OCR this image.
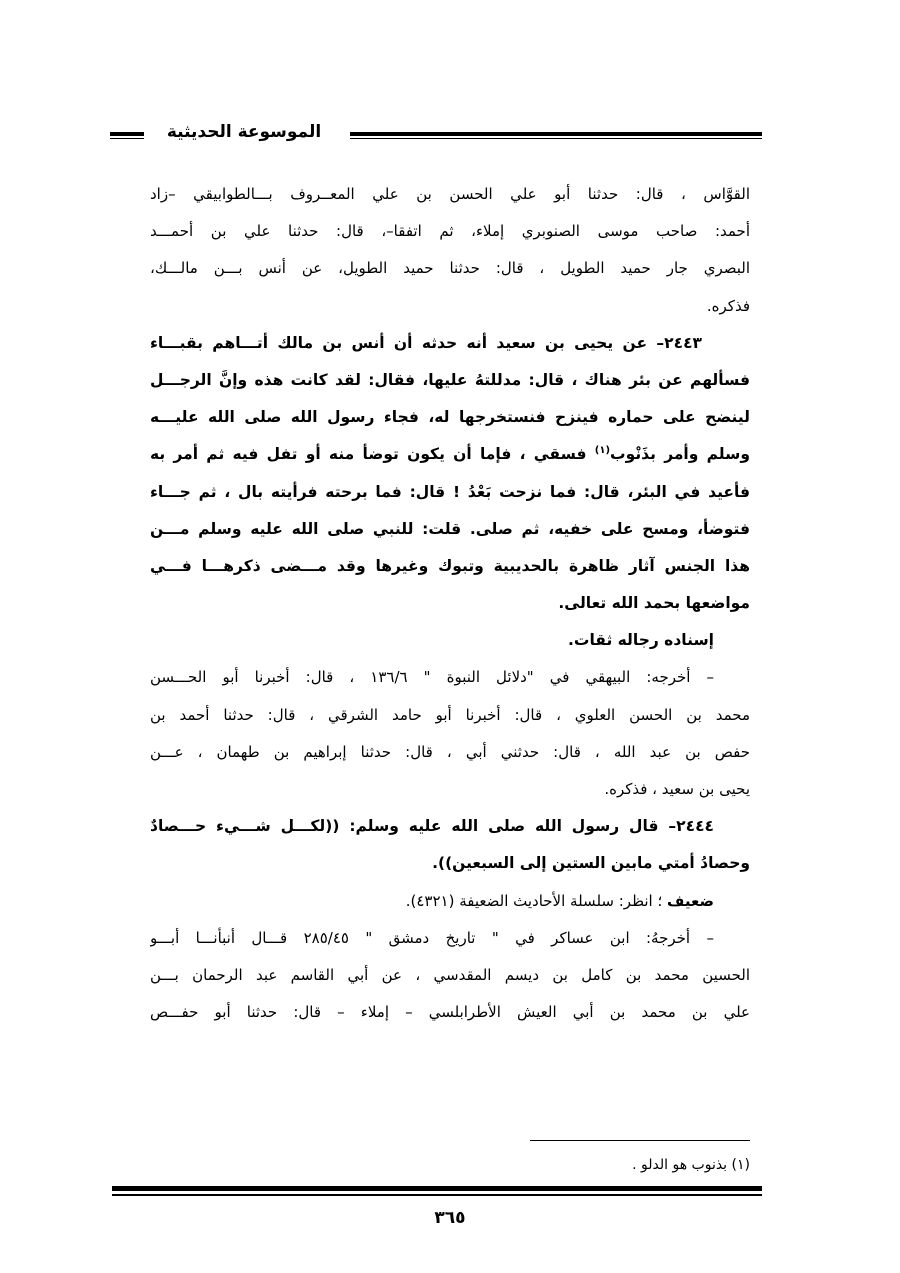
الموسوعة الحديثية
القوَّاس ، قال: حدثنا أبو علي الحسن بن علي المعــروف بـــالطوابيقي –زاد
أحمد: صاحب موسى الصنوبري إملاء، ثم اتفقا–، قال: حدثنا علي بن أحمـــد
البصري جار حميد الطويل ، قال: حدثنا حميد الطويل، عن أنس بـــن مالـــك،
فذكره.
٢٤٤٣– عن يحيى بن سعيد أنه حدثه أن أنس بن مالك أتـــاهم بقبـــاء
فسألهم عن بئر هناك ، قال: مدللتهُ عليها، فقال: لقد كانت هذه وإنَّ الرجـــل
لينضح على حماره فينزح فنستخرجها له، فجاء رسول الله صلى الله عليـــه
وسلم وأمر بذَنْوب$^{(١)}$ فسقي ، فإما أن يكون توضأ منه أو تفل فيه ثم أمر به
فأعيد في البئر، قال: فما نزحت بَعْدُ ! قال: فما برحته فرأيته بال ، ثم جـــاء
فتوضأ، ومسح على خفيه، ثم صلى. قلت: للنبي صلى الله عليه وسلم مـــن
هذا الجنس آثار ظاهرة بالحديبية وتبوك وغيرها وقد مـــضى ذكرهـــا فـــي
مواضعها بحمد الله تعالى.
إسناده رجاله ثقات.
– أخرجه: البيهقي في "دلائل النبوة " ١٣٦/٦ ، قال: أخبرنا أبو الحـــسن
محمد بن الحسن العلوي ، قال: أخبرنا أبو حامد الشرقي ، قال: حدثنا أحمد بن
حفص بن عبد الله ، قال: حدثني أبي ، قال: حدثنا إبراهيم بن طهمان ، عـــن
يحيى بن سعيد ، فذكره.
٢٤٤٤– قال رسول الله صلى الله عليه وسلم: ((لكـــل شـــيء حـــصادٌ
وحصادُ أمتي مابين الستين إلى السبعين)).
ضعيف ؛ انظر: سلسلة الأحاديث الضعيفة (٤٣٢١).
– أخرجهُ: ابن عساكر في " تاريخ دمشق " ٢٨٥/٤٥ قـــال أنبأنـــا أبـــو
الحسين محمد بن كامل بن ديسم المقدسي ، عن أبي القاسم عبد الرحمان بـــن
علي بن محمد بن أبي العيش الأطرابلسي – إملاء – قال: حدثنا أبو حفـــص
(١) بذنوب هو الدلو .
٣٦٥
